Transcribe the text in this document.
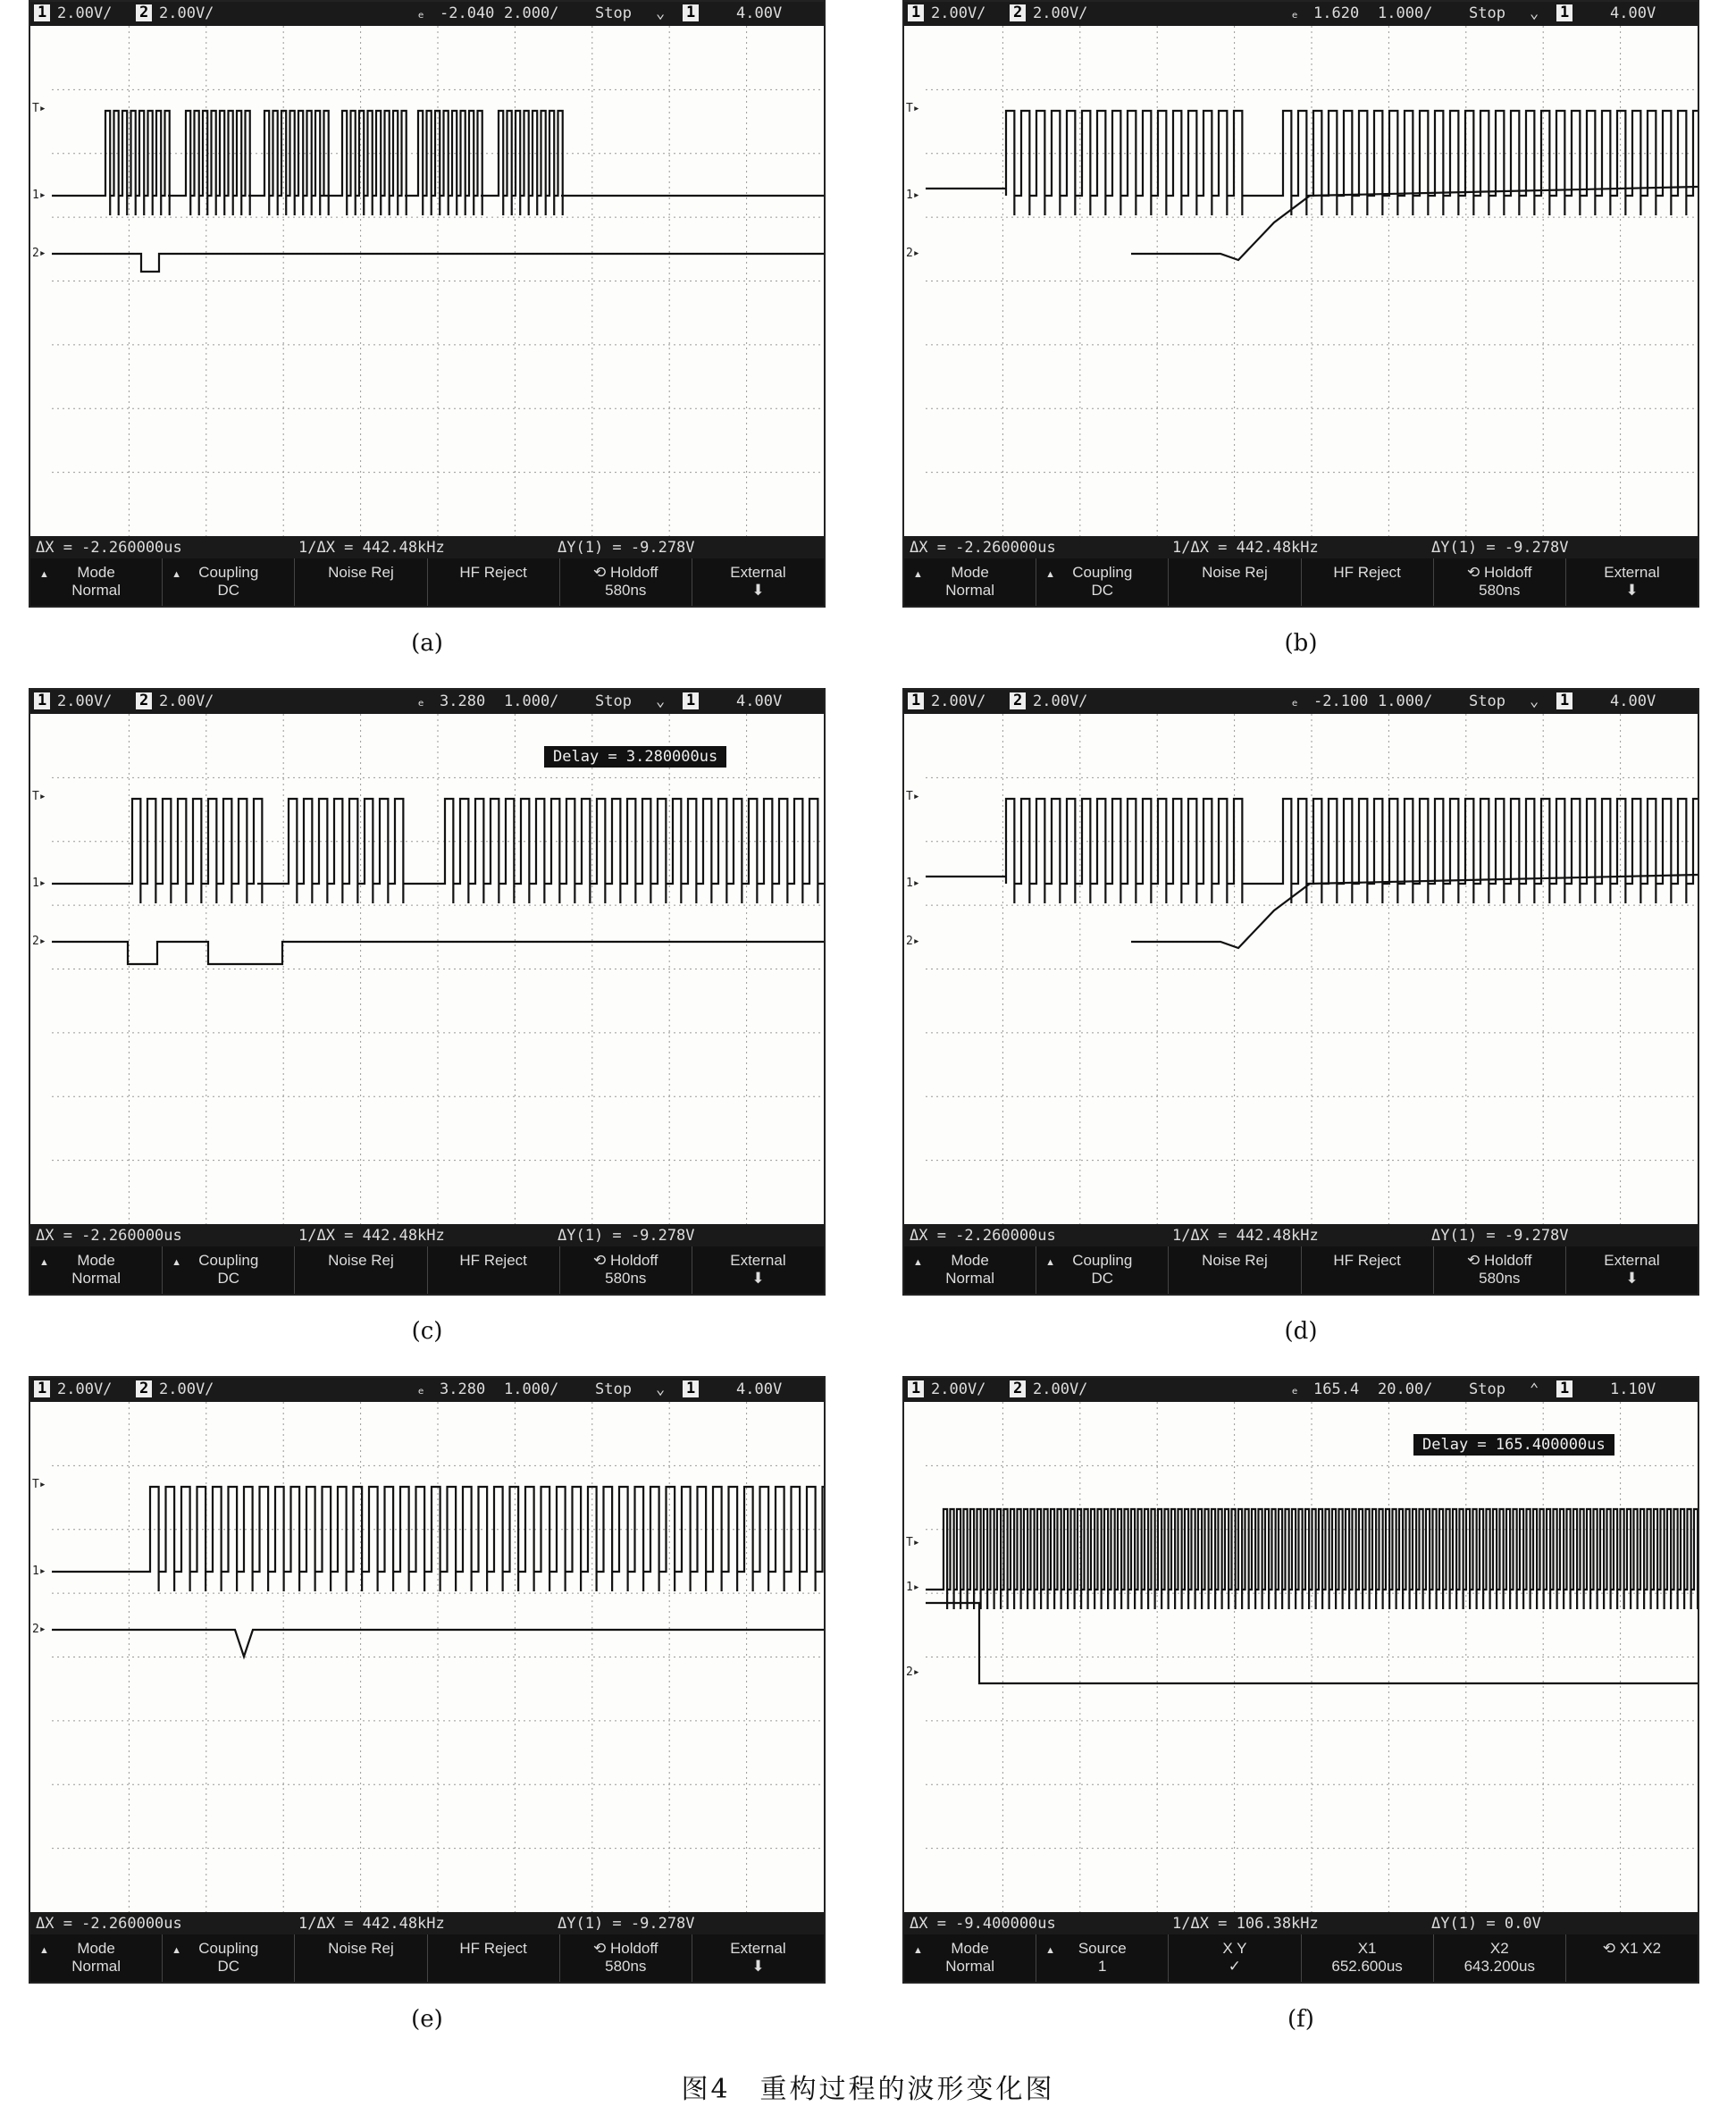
1 2.00V/ 2 2.00V/	ₑ -2.040 2.000/ Stop ⌄ 1	4.00V
ΔX = -2.260000us	1/ΔX = 442.48kHz	ΔY(1) = -9.278V
▲ Mode
Normal
▲ Coupling
DC
Noise Rej	HF Reject	⟲ Holdoff
580ns
External
⬇
T▸
1▸
2▸
(a)
1 2.00V/ 2 2.00V/	ₑ 1.620 1.000/ Stop ⌄ 1	4.00V
ΔX = -2.260000us	1/ΔX = 442.48kHz	ΔY(1) = -9.278V
▲ Mode
Normal
▲ Coupling
DC
Noise Rej	HF Reject	⟲ Holdoff
580ns
External
⬇
T▸
1▸
2▸
(b)
1 2.00V/ 2 2.00V/	ₑ 3.280 1.000/ Stop ⌄ 1	4.00V
ΔX = -2.260000us	1/ΔX = 442.48kHz	ΔY(1) = -9.278V
▲ Mode
Normal
▲ Coupling
DC
Noise Rej	HF Reject	⟲ Holdoff
580ns
External
⬇
Delay = 3.280000us
T▸
1▸
2▸
(c)
1 2.00V/ 2 2.00V/	ₑ -2.100 1.000/ Stop ⌄ 1	4.00V
ΔX = -2.260000us	1/ΔX = 442.48kHz	ΔY(1) = -9.278V
▲ Mode
Normal
▲ Coupling
DC
Noise Rej	HF Reject	⟲ Holdoff
580ns
External
⬇
T▸
1▸
2▸
(d)
1 2.00V/ 2 2.00V/	ₑ 3.280 1.000/ Stop ⌄ 1	4.00V
ΔX = -2.260000us	1/ΔX = 442.48kHz	ΔY(1) = -9.278V
▲ Mode
Normal
▲ Coupling
DC
Noise Rej	HF Reject	⟲ Holdoff
580ns
External
⬇
T▸
1▸
2▸
(e)
1 2.00V/ 2 2.00V/	ₑ 165.4 20.00/ Stop ⌃ 1	1.10V
ΔX = -9.400000us	1/ΔX = 106.38kHz	ΔY(1) = 0.0V
▲ Mode
Normal
▲ Source
1
X Y
✓
X1
652.600us
X2
643.200us
⟲ X1 X2
Delay = 165.400000us
T▸
1▸
2▸
(f)
图4　重构过程的波形变化图
